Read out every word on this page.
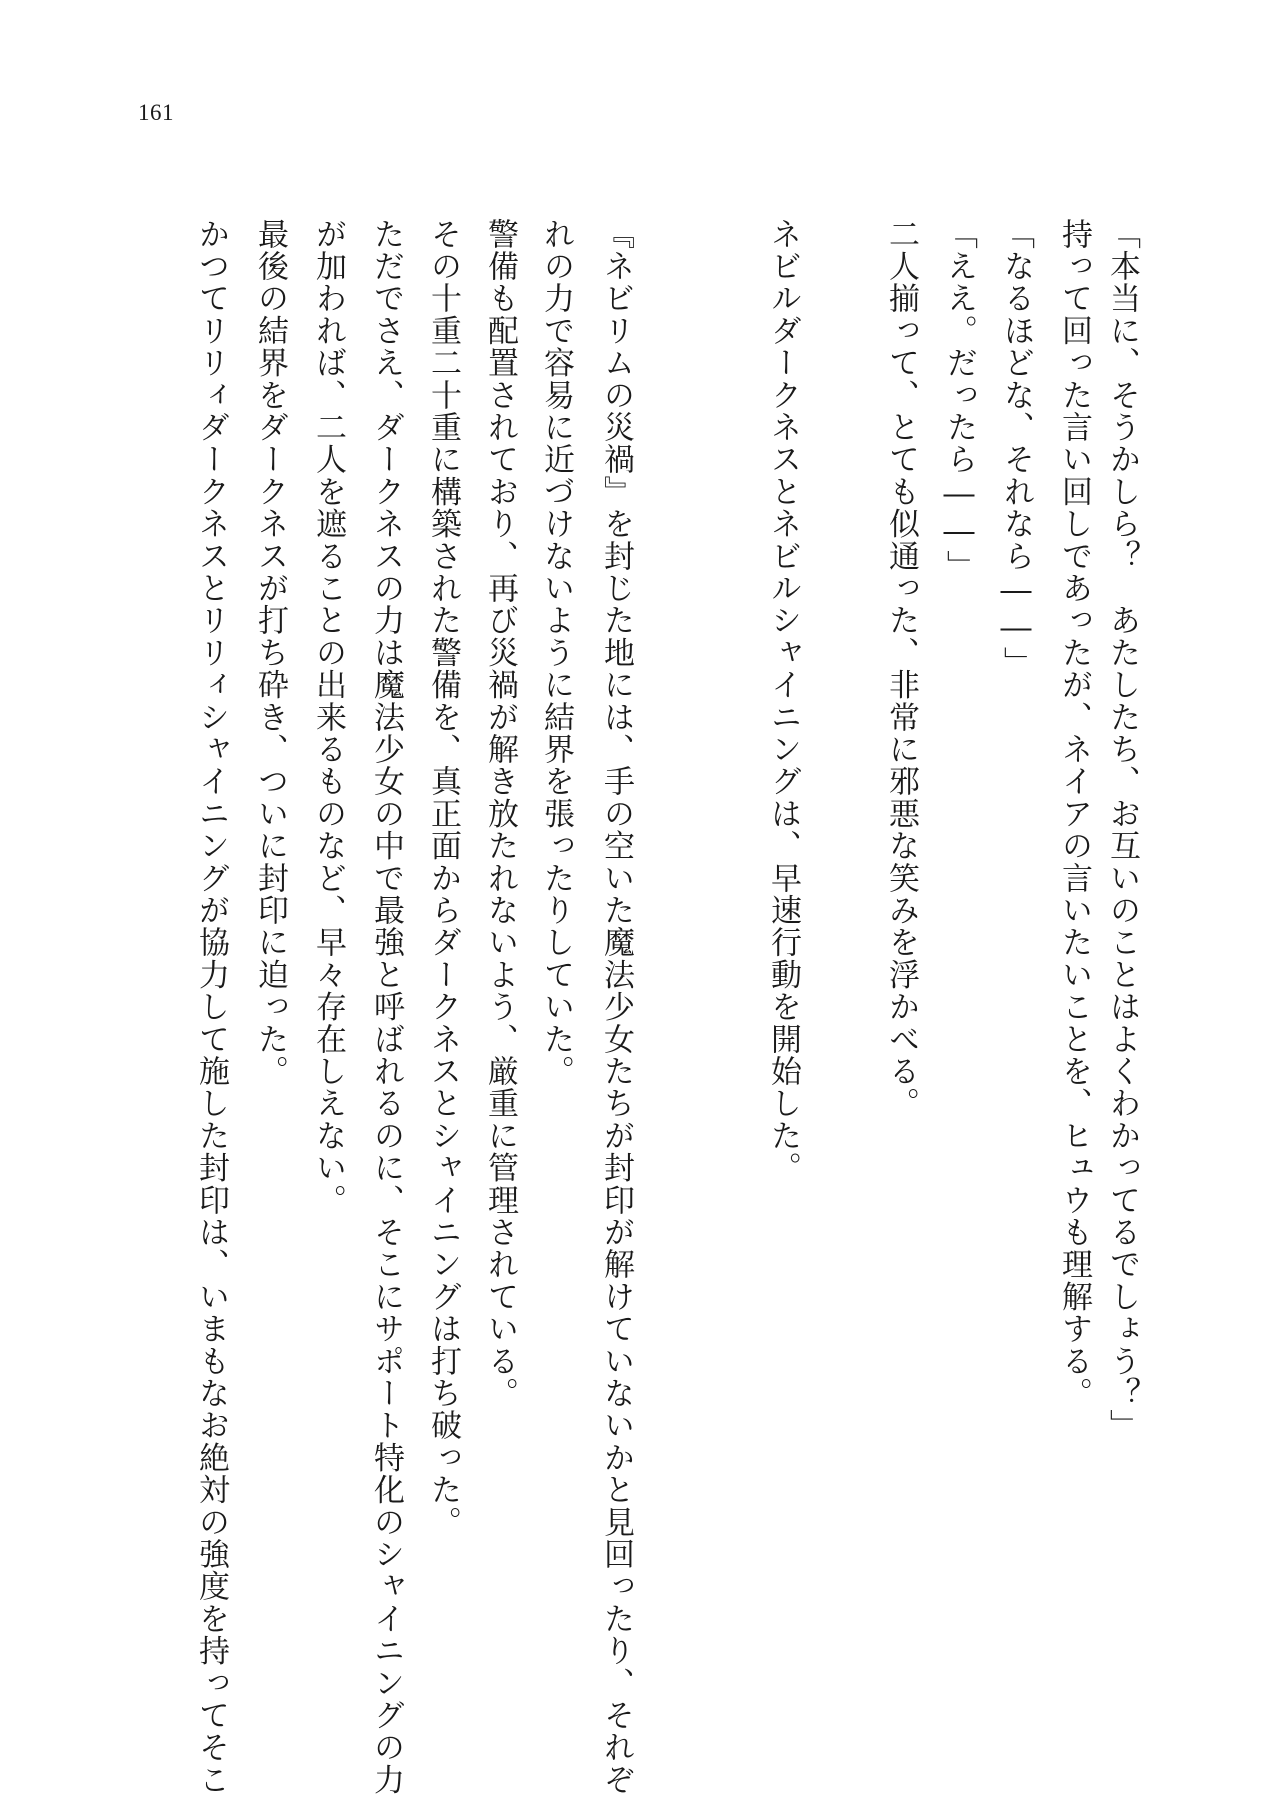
161
「本当に、そうかしら？　あたしたち、お互いのことはよくわかってるでしょう？」
持って回った言い回しであったが、ネイアの言いたいことを、ヒュウも理解する。
「なるほどな、それなら――」
「ええ。だったら――」
二人揃って、とても似通った、非常に邪悪な笑みを浮かべる。
ネビルダークネスとネビルシャイニングは、早速行動を開始した。
『ネビリムの災禍』を封じた地には、手の空いた魔法少女たちが封印が解けていないかと見回ったり、それぞ
れの力で容易に近づけないように結界を張ったりしていた。
警備も配置されており、再び災禍が解き放たれないよう、厳重に管理されている。
その十重二十重に構築された警備を、真正面からダークネスとシャイニングは打ち破った。
ただでさえ、ダークネスの力は魔法少女の中で最強と呼ばれるのに、そこにサポート特化のシャイニングの力
が加われば、二人を遮ることの出来るものなど、早々存在しえない。
最後の結界をダークネスが打ち砕き、ついに封印に迫った。
かつてリリィダークネスとリリィシャイニングが協力して施した封印は、いまもなお絶対の強度を持ってそこ
